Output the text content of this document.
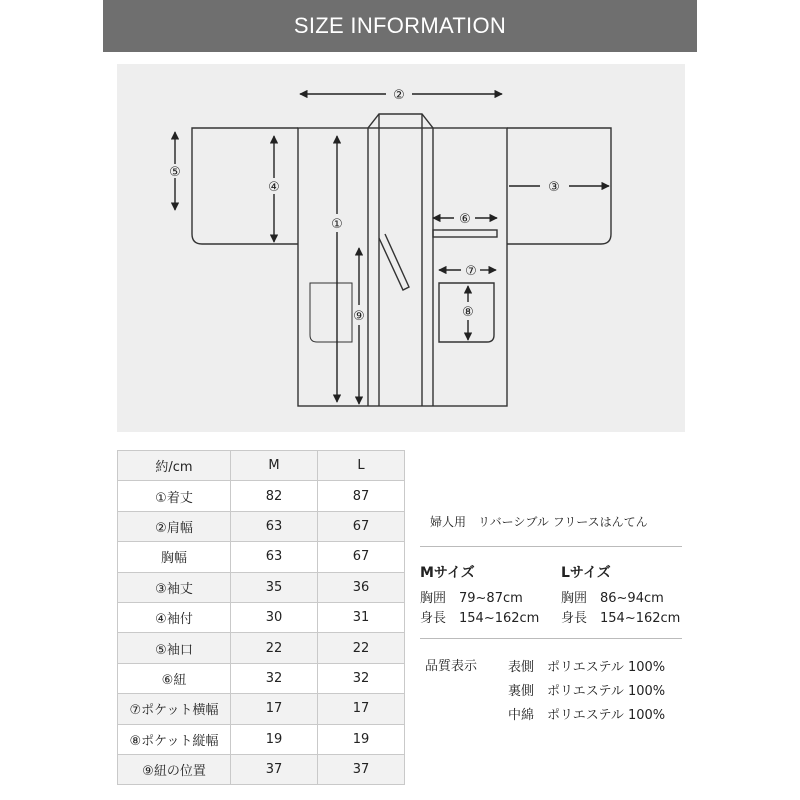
SIZE INFORMATION
②
⑤
④
①
③
⑥
⑦
⑧
⑨
約/cm	M	L
①着丈	82	87
②肩幅	63	67
胸幅	63	67
③袖丈	35	36
④袖付	30	31
⑤袖口	22	22
⑥紐	32	32
⑦ポケット横幅	17	17
⑧ポケット縦幅	19	19
⑨紐の位置	37	37
婦人用　リバーシブル フリースはんてん
Mサイズ
胸囲　79~87cm
身長　154~162cm
Lサイズ
胸囲　86~94cm
身長　154~162cm
品質表示 表側　ポリエステル 100%
裏側　ポリエステル 100%
中綿　ポリエステル 100%
